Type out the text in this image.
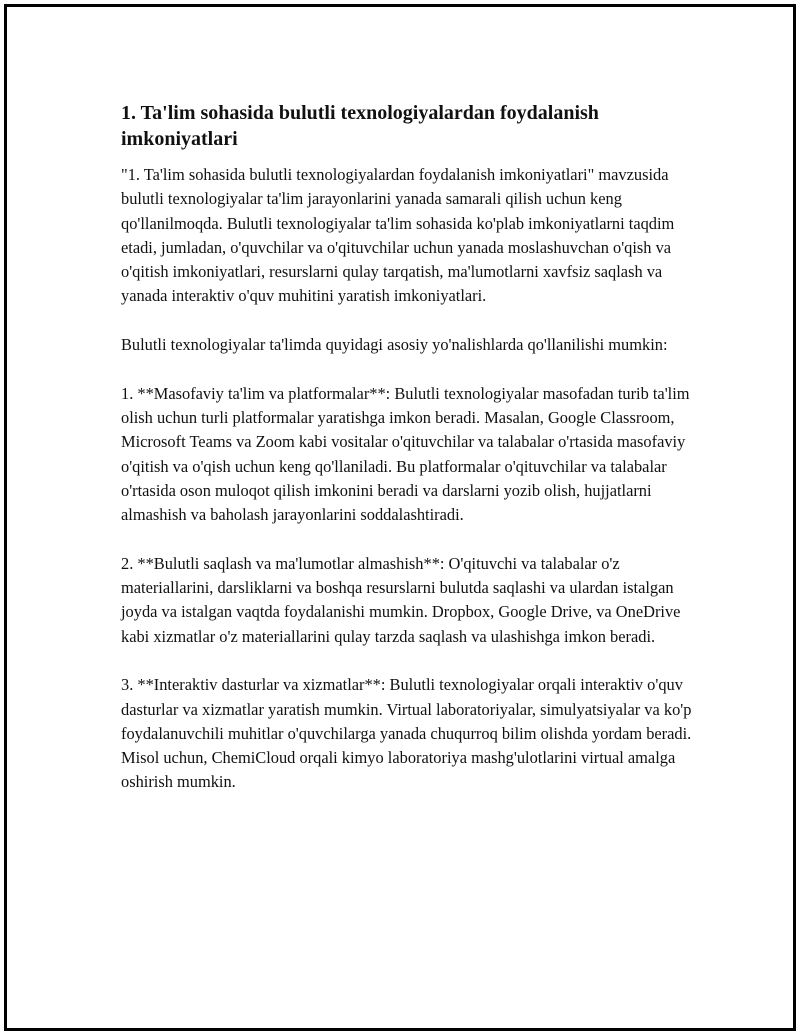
1. Ta'lim sohasida bulutli texnologiyalardan foydalanish imkoniyatlari

"1. Ta'lim sohasida bulutli texnologiyalardan foydalanish imkoniyatlari" mavzusida bulutli texnologiyalar ta'lim jarayonlarini yanada samarali qilish uchun keng qo'llanilmoqda. Bulutli texnologiyalar ta'lim sohasida ko'plab imkoniyatlarni taqdim etadi, jumladan, o'quvchilar va o'qituvchilar uchun yanada moslashuvchan o'qish va o'qitish imkoniyatlari, resurslarni qulay tarqatish, ma'lumotlarni xavfsiz saqlash va yanada interaktiv o'quv muhitini yaratish imkoniyatlari.

Bulutli texnologiyalar ta'limda quyidagi asosiy yo'nalishlarda qo'llanilishi mumkin:

1. **Masofaviy ta'lim va platformalar**: Bulutli texnologiyalar masofadan turib ta'lim olish uchun turli platformalar yaratishga imkon beradi. Masalan, Google Classroom, Microsoft Teams va Zoom kabi vositalar o'qituvchilar va talabalar o'rtasida masofaviy o'qitish va o'qish uchun keng qo'llaniladi. Bu platformalar o'qituvchilar va talabalar o'rtasida oson muloqot qilish imkonini beradi va darslarni yozib olish, hujjatlarni almashish va baholash jarayonlarini soddalashtiradi.

2. **Bulutli saqlash va ma'lumotlar almashish**: O'qituvchi va talabalar o'z materiallarini, darsliklarni va boshqa resurslarni bulutda saqlashi va ulardan istalgan joyda va istalgan vaqtda foydalanishi mumkin. Dropbox, Google Drive, va OneDrive kabi xizmatlar o'z materiallarini qulay tarzda saqlash va ulashishga imkon beradi.

3. **Interaktiv dasturlar va xizmatlar**: Bulutli texnologiyalar orqali interaktiv o'quv dasturlar va xizmatlar yaratish mumkin. Virtual laboratoriyalar, simulyatsiyalar va ko'p foydalanuvchili muhitlar o'quvchilarga yanada chuqurroq bilim olishda yordam beradi. Misol uchun, ChemiCloud orqali kimyo laboratoriya mashg'ulotlarini virtual amalga oshirish mumkin.
